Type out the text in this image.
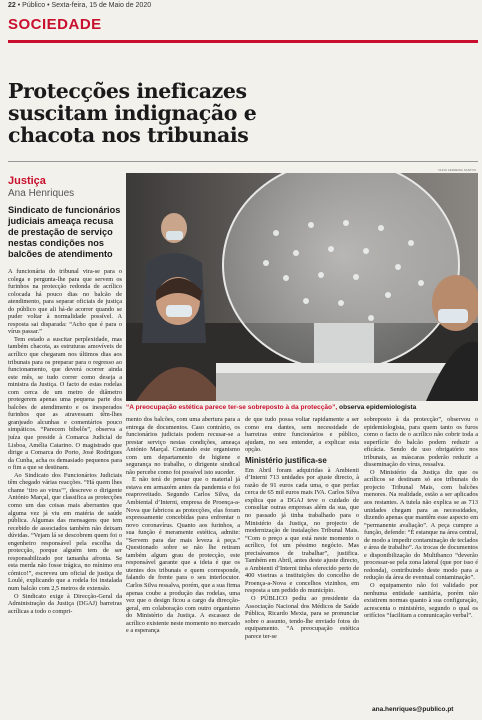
22 • Público • Sexta-feira, 15 de Maio de 2020
SOCIEDADE
Protecções ineficazes suscitam indignação e chacota nos tribunais
Justiça
Ana Henriques
Sindicato de funcionários judiciais ameaça recusa de prestação de serviço nestas condições nos balcões de atendimento
NUNO FERREIRA SANTOS
“A preocupação estética parece ter-se sobreposto à da protecção”, observa epidemiologista

A funcionária do tribunal vira-se para o colega e pergunta-lhe para que servem os furinhos na protecção redonda de acrílico colocada há pouco dias no balcão de atendimento, para separar oficiais de justiça do público que ali há-de acorrer quando se puder voltar à normalidade possível. A resposta sai disparada: “Acho que é para o vírus passar.”

Tem estado a suscitar perplexidade, mas também chacota, as estruturas amovíveis de acrílico que chegaram nos últimos dias aos tribunais para os preparar para o regresso ao funcionamento, que deverá ocorrer ainda este mês, se tudo correr como deseja a ministra da Justiça. O facto de estas rodelas com cerca de um metro de diâmetro protegerem apenas uma pequena parte dos balcões de atendimento e os inesperados furinhos que as atravessam têm-lhes granjeado alcunhas e comentários pouco simpáticos. “Parecem bibelôs”, observa a juíza que preside à Comarca Judicial de Lisboa, Amélia Catarino. O magistrado que dirige a Comarca do Porto, José Rodrigues da Cunha, acha os demasiado pequenos para o fim a que se destinam.

Ao Sindicato dos Funcionários Judiciais têm chegado várias reacções. “Há quem lhes chame ‘tiro ao virus’”, descreve o dirigente António Marçal, que classifica as protecções como um das coisas mais aberrantes que alguma vez já viu em matéria de saúde pública. Algumas das mensagens que tem recebido de associados também não deixam dúvidas. “Vejam lá se descobrem quem foi o engenheiro responsável pela escolha da protecção, porque alguém tem de ser responsabilizado por tamanha afronta. Se esta merda não fosse trágica, no mínimo era cómico!”, escreveu um oficial de justiça de Loulé, explicando que a rodela foi instalada num balcão com 2,5 metros de extensão.

O Sindicato exige à Direcção-Geral da Administração da Justiça (DGAJ) barreiras acrílicas a todo o compri-

mento dos balcões, com uma abertura para a entrega de documentos. Caso contrário, os funcionários judiciais podem recusar-se a prestar serviço nestas condições, ameaça António Marçal. Contando este organismo com um departamento de higiene e segurança no trabalho, o dirigente sindical não percebe como foi possível isto suceder.

E não terá de pensar que o material já estava em armazém antes da pandemia e foi reaproveitado. Segundo Carlos Silva, da Ambiental d’Interni, empresa de Proença-a-Nova que fabricou as protecções, elas foram expressamente concebidas para enfrentar o novo coronavírus. Quanto aos furinhos, a sua função é meramente estética, admite: “Servem para dar mais leveza à peça.” Questionado sobre se não lhe retiram também algum grau de protecção, este responsável garante que a ideia é que os utentes dos tribunais e quem corresponde, falando de frente para o seu interlocutor. Carlos Silva ressalva, porém, que a sua firma apenas coube a produção das rodelas, uma vez que o design ficou a cargo da direcção-geral, em colaboração com outro organismo do Ministério da Justiça. A escassez de acrílico existente neste momento no mercado e a esperança

de que tudo possa voltar rapidamente a ser como era dantes, sem necessidade de barreiras entre funcionários e público, ajudam, no seu entender, a explicar esta opção.

Ministério justifica-se

Em Abril foram adquiridas à Ambienti d’Interni 713 unidades por ajuste directo, à razão de 91 euros cada uma, o que perfaz cerca de 65 mil euros mais IVA. Carlos Silva explica que a DGAJ teve o cuidado de consultar outras empresas além da sua, que no passado já tinha trabalhado para o Ministério da Justiça, no projecto de modernização de instalações Tribunal Mais. “Com o preço a que está neste momento o acrílico, foi um péssimo negócio. Mas precisávamos de trabalhar”, justifica. Também em Abril, antes deste ajuste directo, a Ambienti d’Interni tinha oferecido perto de 400 viseiras a instituições do concelho de Proença-a-Nova e concelhos vizinhos, em resposta a um pedido do município.

O PÚBLICO pediu ao presidente da Associação Nacional dos Médicos de Saúde Pública, Ricardo Mexia, para se pronunciar sobre o assunto, tendo-lhe enviado fotos do equipamento. “A preocupação estética parece ter-se

sobreposto à da protecção”, observou o epidemiologista, para quem tanto os furos como o facto de o acrílico não cobrir toda a superfície do balcão podem reduzir a eficácia. Sendo de uso obrigatório nos tribunais, as máscaras poderão reduzir a disseminação do vírus, ressalva.

O Ministério da Justiça diz que os acrílicos se destinam só aos tribunais do projecto Tribunal Mais, com balcões menores. Na realidade, estão a ser aplicados aos restantes. A tutela não explica se as 713 unidades chegam para as necessidades, dizendo apenas que mantêm esse aspecto em “permanente avaliação”. A peça cumpre a função, defende: “É estanque na área central, de modo a impedir contaminação de teclados e área de trabalho”. As trocas de documentos e disponibilização do Multibanco “deverão processar-se pela zona lateral (que por isso é redonda), contribuindo deste modo para a redução da área de eventual contaminação”.

O equipamento não foi validado por nenhuma entidade sanitária, porém não existirem normas quanto à sua configuração, acrescenta o ministério, segundo o qual os orifícios “facilitam a comunicação verbal”.

ana.henriques@publico.pt
